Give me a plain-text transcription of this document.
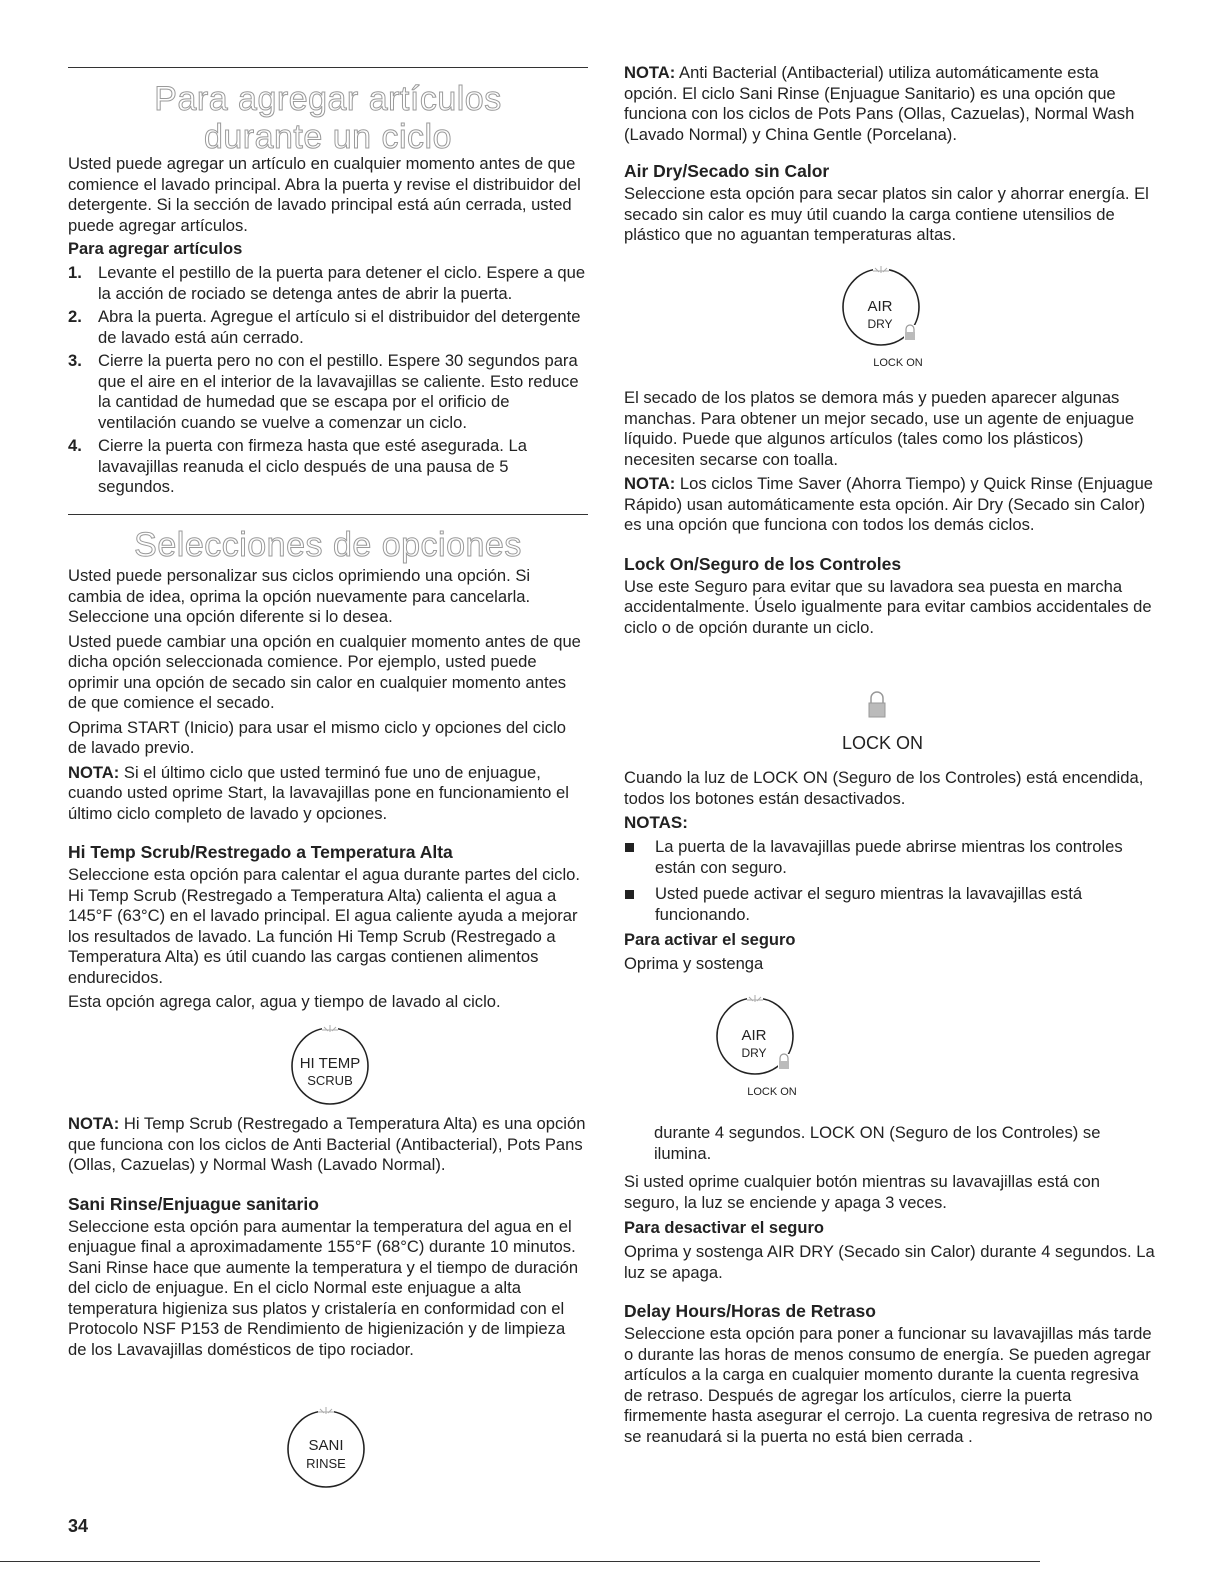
Para agregar artículos
durante un ciclo

Usted puede agregar un artículo en cualquier momento antes de que comience el lavado principal. Abra la puerta y revise el distribuidor del detergente. Si la sección de lavado principal está aún cerrada, usted puede agregar artículos.

Para agregar artículos
1. Levante el pestillo de la puerta para detener el ciclo. Espere a que la acción de rociado se detenga antes de abrir la puerta.
2. Abra la puerta. Agregue el artículo si el distribuidor del detergente de lavado está aún cerrado.
3. Cierre la puerta pero no con el pestillo. Espere 30 segundos para que el aire en el interior de la lavavajillas se caliente. Esto reduce la cantidad de humedad que se escapa por el orificio de ventilación cuando se vuelve a comenzar un ciclo.
4. Cierre la puerta con firmeza hasta que esté asegurada. La lavavajillas reanuda el ciclo después de una pausa de 5 segundos.
Selecciones de opciones

Usted puede personalizar sus ciclos oprimiendo una opción. Si cambia de idea, oprima la opción nuevamente para cancelarla. Seleccione una opción diferente si lo desea.

Usted puede cambiar una opción en cualquier momento antes de que dicha opción seleccionada comience. Por ejemplo, usted puede oprimir una opción de secado sin calor en cualquier momento antes de que comience el secado.

Oprima START (Inicio) para usar el mismo ciclo y opciones del ciclo de lavado previo.

NOTA: Si el último ciclo que usted terminó fue uno de enjuague, cuando usted oprime Start, la lavavajillas pone en funcionamiento el último ciclo completo de lavado y opciones.

Hi Temp Scrub/Restregado a Temperatura Alta

Seleccione esta opción para calentar el agua durante partes del ciclo. Hi Temp Scrub (Restregado a Temperatura Alta) calienta el agua a 145°F (63°C) en el lavado principal. El agua caliente ayuda a mejorar los resultados de lavado. La función Hi Temp Scrub (Restregado a Temperatura Alta) es útil cuando las cargas contienen alimentos endurecidos.

Esta opción agrega calor, agua y tiempo de lavado al ciclo.

HI TEMP
SCRUB

NOTA: Hi Temp Scrub (Restregado a Temperatura Alta) es una opción que funciona con los ciclos de Anti Bacterial (Antibacterial), Pots Pans (Ollas, Cazuelas) y Normal Wash (Lavado Normal).

Sani Rinse/Enjuague sanitario

Seleccione esta opción para aumentar la temperatura del agua en el enjuague final a aproximadamente 155°F (68°C) durante 10 minutos. Sani Rinse hace que aumente la temperatura y el tiempo de duración del ciclo de enjuague. En el ciclo Normal este enjuague a alta temperatura higieniza sus platos y cristalería en conformidad con el Protocolo NSF P153 de Rendimiento de higienización y de limpieza de los Lavavajillas domésticos de tipo rociador.

SANI
RINSE

NOTA: Anti Bacterial (Antibacterial) utiliza automáticamente esta opción. El ciclo Sani Rinse (Enjuague Sanitario) es una opción que funciona con los ciclos de Pots Pans (Ollas, Cazuelas), Normal Wash (Lavado Normal) y China Gentle (Porcelana).

Air Dry/Secado sin Calor

Seleccione esta opción para secar platos sin calor y ahorrar energía. El secado sin calor es muy útil cuando la carga contiene utensilios de plástico que no aguantan temperaturas altas.

AIR
DRY
LOCK ON

El secado de los platos se demora más y pueden aparecer algunas manchas. Para obtener un mejor secado, use un agente de enjuague líquido. Puede que algunos artículos (tales como los plásticos) necesiten secarse con toalla.

NOTA: Los ciclos Time Saver (Ahorra Tiempo) y Quick Rinse (Enjuague Rápido) usan automáticamente esta opción. Air Dry (Secado sin Calor) es una opción que funciona con todos los demás ciclos.

Lock On/Seguro de los Controles

Use este Seguro para evitar que su lavadora sea puesta en marcha accidentalmente. Úselo igualmente para evitar cambios accidentales de ciclo o de opción durante un ciclo.

LOCK ON

Cuando la luz de LOCK ON (Seguro de los Controles) está encendida, todos los botones están desactivados.

NOTAS:
La puerta de la lavavajillas puede abrirse mientras los controles están con seguro.
Usted puede activar el seguro mientras la lavavajillas está funcionando.
Para activar el seguro

Oprima y sostenga

AIR
DRY
LOCK ON

durante 4 segundos. LOCK ON (Seguro de los Controles) se ilumina.

Si usted oprime cualquier botón mientras su lavavajillas está con seguro, la luz se enciende y apaga 3 veces.

Para desactivar el seguro

Oprima y sostenga AIR DRY (Secado sin Calor) durante 4 segundos. La luz se apaga.

Delay Hours/Horas de Retraso

Seleccione esta opción para poner a funcionar su lavavajillas más tarde o durante las horas de menos consumo de energía. Se pueden agregar artículos a la carga en cualquier momento durante la cuenta regresiva de retraso. Después de agregar los artículos, cierre la puerta firmemente hasta asegurar el cerrojo. La cuenta regresiva de retraso no se reanudará si la puerta no está bien cerrada .

34
